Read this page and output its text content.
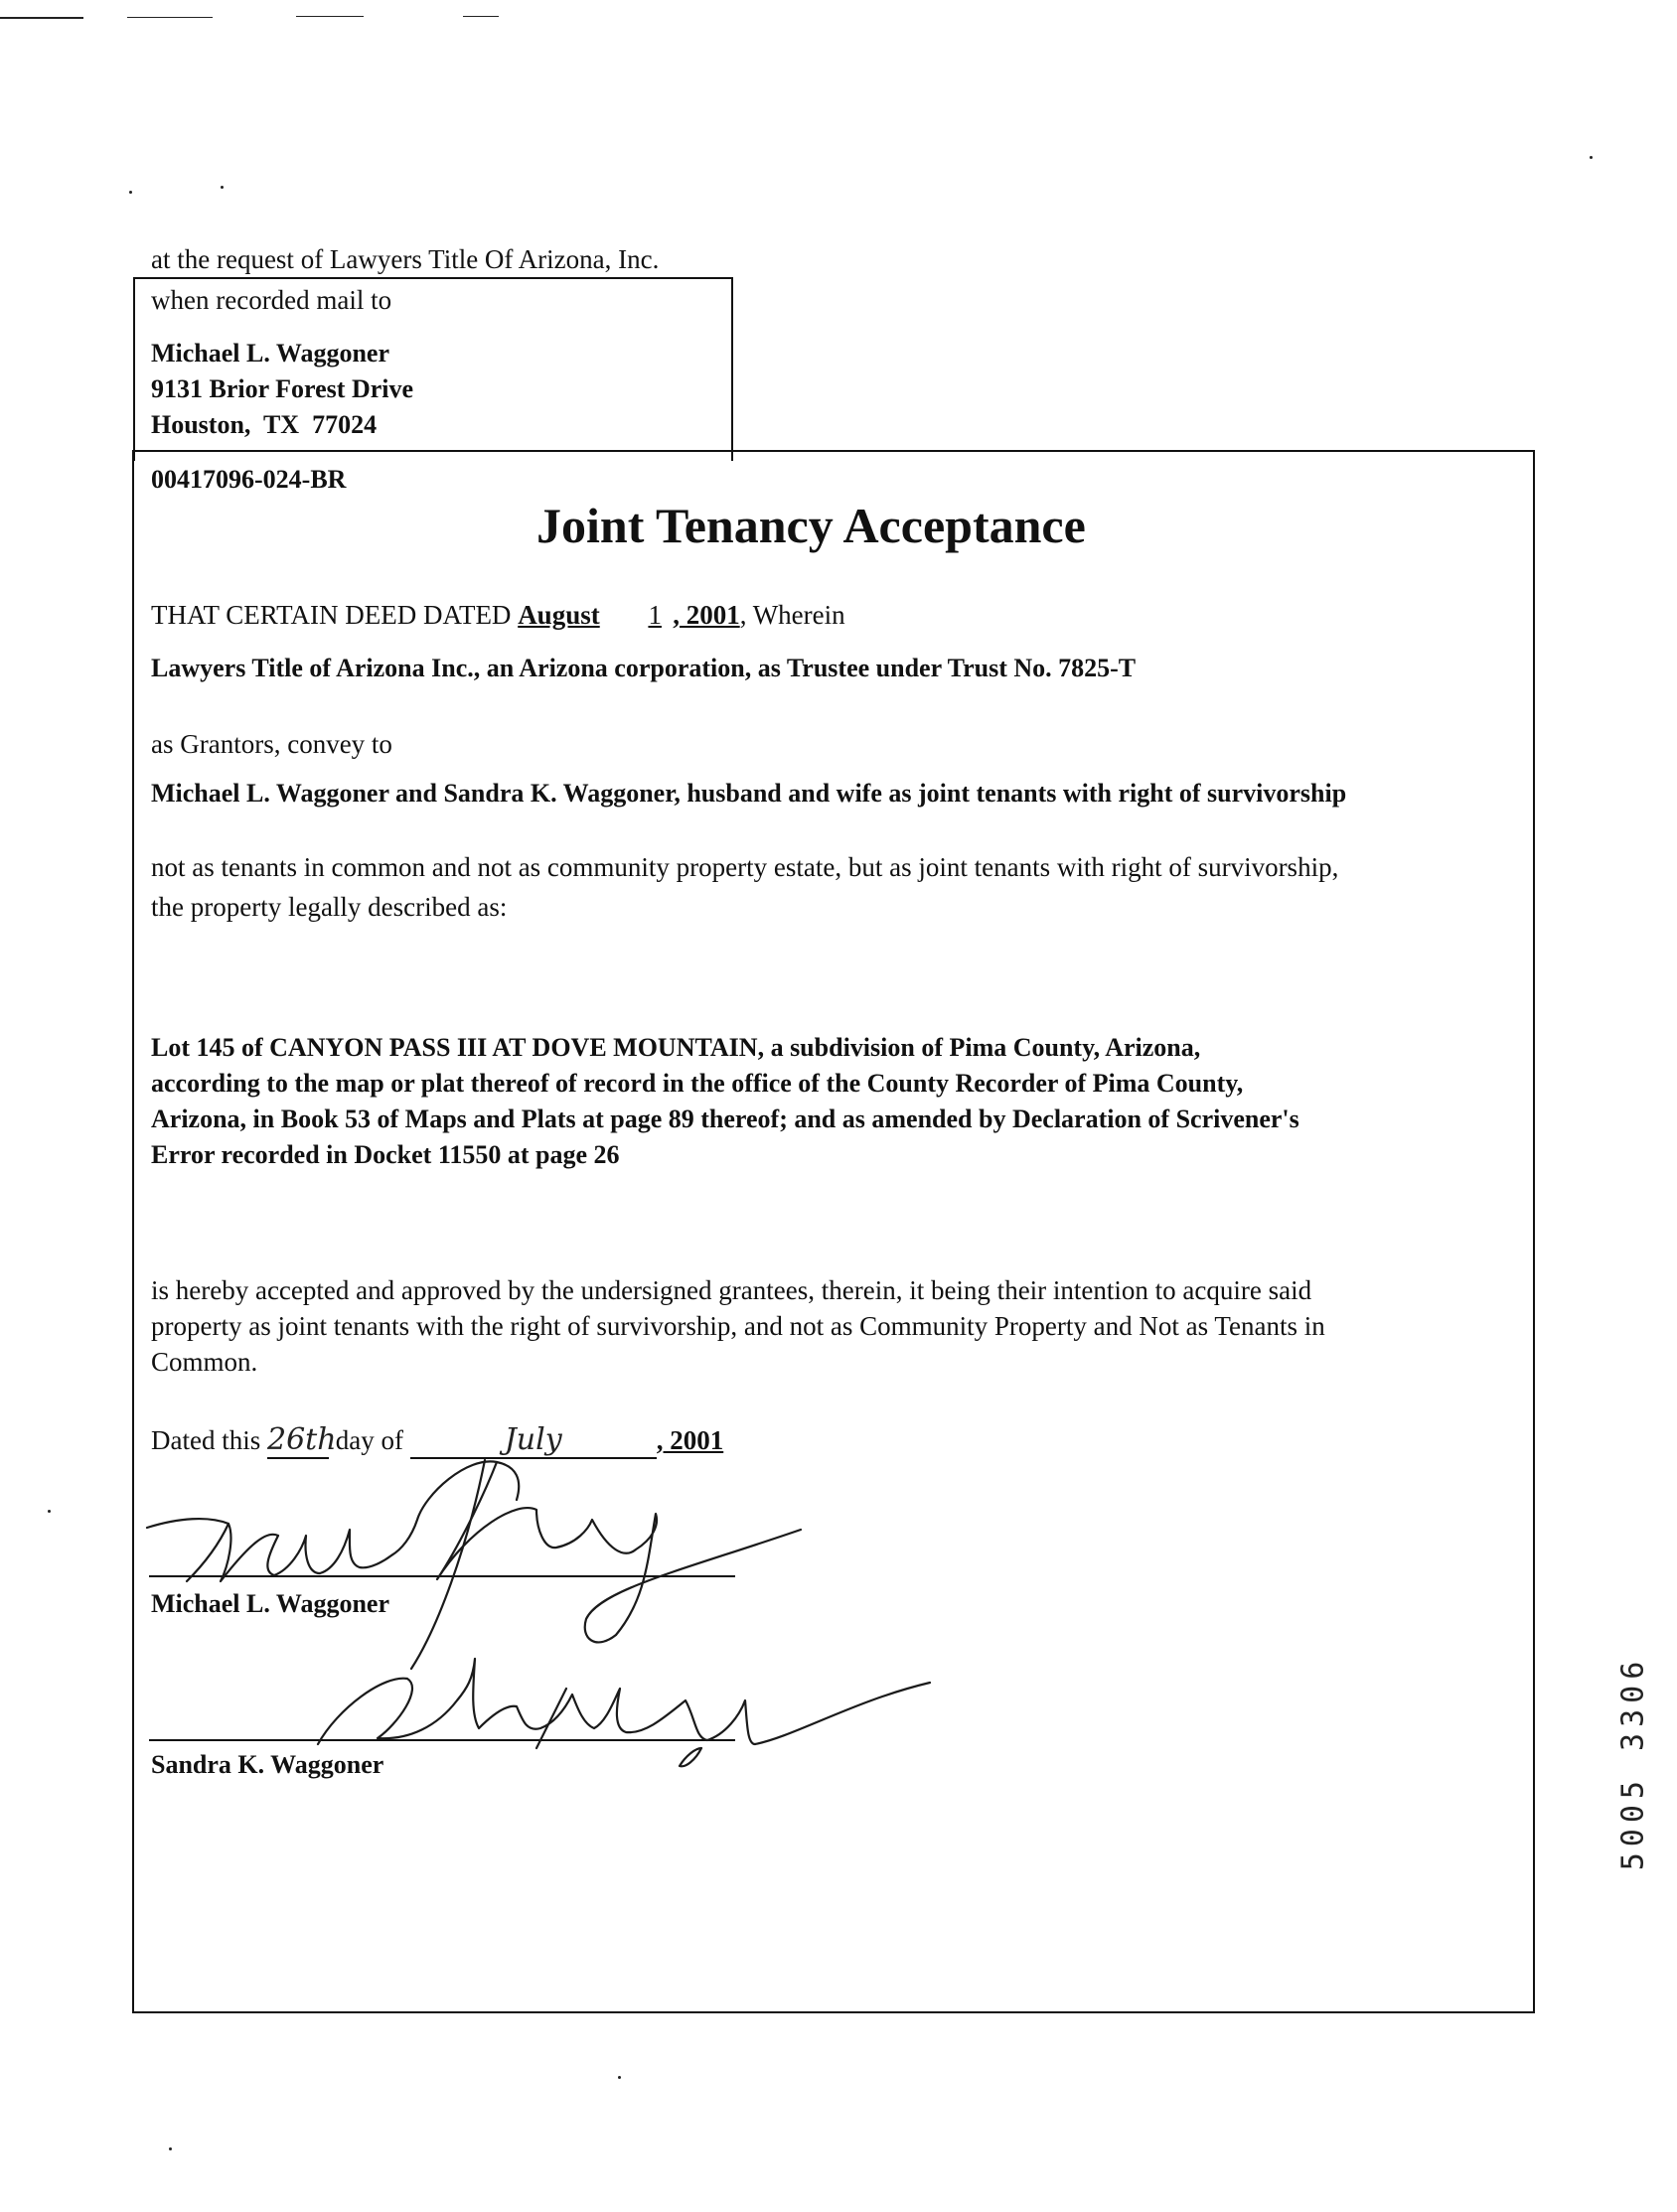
at the request of Lawyers Title Of Arizona, Inc.
when recorded mail to
Michael L. Waggoner
9131 Brior Forest Drive
Houston,  TX  77024
00417096-024-BR
Joint Tenancy Acceptance
THAT CERTAIN DEED DATED August 1 , 2001, Wherein
Lawyers Title of Arizona Inc., an Arizona corporation, as Trustee under Trust No. 7825-T
as Grantors, convey to
Michael L. Waggoner and Sandra K. Waggoner, husband and wife as joint tenants with right of survivorship
not as tenants in common and not as community property estate, but as joint tenants with right of survivorship,
the property legally described as:
Lot 145 of CANYON PASS III AT DOVE MOUNTAIN, a subdivision of Pima County, Arizona,
according to the map or plat thereof of record in the office of the County Recorder of Pima County,
Arizona, in Book 53 of Maps and Plats at page 89 thereof; and as amended by Declaration of Scrivener's
Error recorded in Docket 11550 at page 26
is hereby accepted and approved by the undersigned grantees, therein, it being their intention to acquire said
property as joint tenants with the right of survivorship, and not as Community Property and Not as Tenants in
Common.
Dated this 26th day of	July	, 2001
Michael L. Waggoner
Sandra K. Waggoner	5005 3306
